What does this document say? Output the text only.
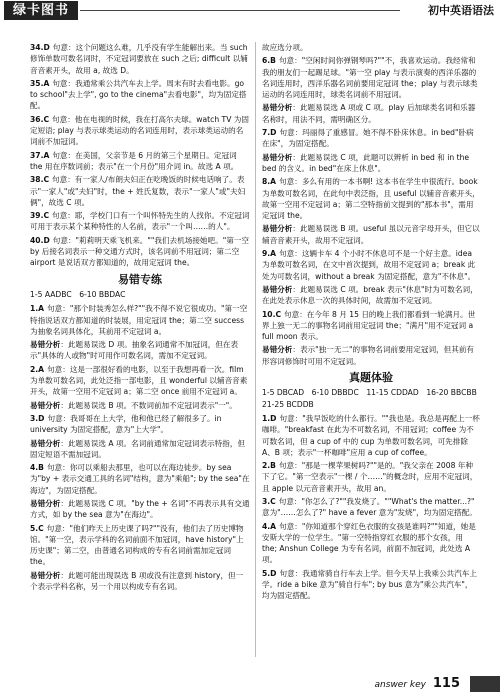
绿卡图书	初中英语语法
34.D 句意：这个问题这么难，几乎没有学生能解出来。当 such 修饰单数可数名词时，不定冠词要放在 such 之后; difficult 以辅音音素开头，故用 a, 故选 D。
35.A 句意：我通常乘公共汽车去上学。周末有时去看电影。go to school"去上学", go to the cinema"去看电影"，均为固定搭配。
36.C 句意：他在电视的时候，我在打高尔夫球。watch TV 为固定短语; play 与表示球类运动的名词连用时，表示球类运动的名词前不加冠词。
37.A 句意：在美国，父亲节是 6 月的第三个星期日。定冠词 the 用在序数词前；表示"在一个月份"用介词 in。故选 A 项。
38.C 句意：有一家人/布朗夫妇正在吃晚饭的时候电话响了。表示"一家人"或"夫妇"时，the + 姓氏复数，表示"一家人"或"夫妇俩"，故选 C 项。
39.C 句意：耶，学校门口有一个叫怀特先生的人找你。不定冠词可用于表示某个某种特性的人名前，表示"一个叫……的人"。
40.D 句意："莉莉明天乘飞机来。""我们去机场接她吧。"第一空 by 后接名词表示一种交通方式时，该名词前不用冠词；第二空 airport 是说话双方都知道的，故用定冠词 the。
易错专练
1-5 AADBC　6-10 BBDAC
1.A 句意："那个时装秀怎么样?""我不得不说它很成功。"第一空特指说话双方都知道的时装展，用定冠词 the；第二空 success 为抽象名词具体化，其前用不定冠词 a。
易错分析：此题易误选 D 项。抽象名词通常不加冠词，但在表示"具体的人或物"时可用作可数名词，需加不定冠词。
2.A 句意：这是一部很好看的电影，以至于我想再看一次。film 为单数可数名词，此处泛指一部电影，且 wonderful 以辅音音素开头，故第一空用不定冠词 a；第二空 once 前用不定冠词 a。
易错分析：此题易误选 B 项。不数词前加不定冠词表示"一"。
3.D 句意：我哥哥在上大学，他和他已经了解很多了。in university 为固定搭配，意为"上大学"。
易错分析：此题易误选 A 项。名词前通常加定冠词表示特指，但固定短语不需加冠词。
4.B 句意：你可以乘船去那里，也可以在海边徒步。by sea 为"by + 表示交通工具的名词"结构，意为"乘船"; by the sea"在海边"，为固定搭配。
易错分析：此题易误选 C 项。"by the + 名词"不再表示具有交通方式，如 by the sea 意为"在海边"。
5.C 句意："他们昨天上历史课了吗?""没有，他们去了历史博物馆。"第一空，表示学科的名词前面不加冠词，have history"上历史课"；第二空，由普通名词构成的专有名词前需加定冠词 the。
易错分析：此题可能出现误选 B 项或没有注意到 history，但一个表示学科名称，另一个用以构成专有名词。
故应选分项。
6.B 句意："空闲时间你弹钢琴吗?""不，我喜欢运动。我经常和我的朋友们一起踢足球。"第一空 play 与表示演奏的西洋乐器的名词连用时，西洋乐器名词前要用定冠词 the；play 与表示球类运动的名词连用时，球类名词前不用冠词。
易错分析：此题易误选 A 项或 C 项。play 后加球类名词和乐器名称时，用法不同，需明确区分。
7.D 句意：玛丽得了重感冒。她不得不卧床休息。in bed"卧病在床"，为固定搭配。
易错分析：此题易误选 C 项，此题可以辨析 in bed 和 in the bed 的含义。in bed"在床上休息"。
8.A 句意：多么有用的一本书啊! 这本书在学生中很流行。book 为单数可数名词，在此句中表泛指，且 useful 以辅音音素开头，故第一空用不定冠词 a；第二空特指前文提到的"那本书"，需用定冠词 the。
易错分析：此题易误选 B 项。useful 虽以元音字母开头，但它以辅音音素开头，故用不定冠词。
9.A 句意：这辆卡车 4 个小时不休息可不是一个好主意。idea 为单数可数名词，在文中首次提到，故用不定冠词 a；break 此处为可数名词，without a break 为固定搭配，意为"不休息"。
易错分析：此题易误选 C 项。break 表示"休息"时为可数名词，在此处表示休息一次的具体时间，故需加不定冠词。
10.C 句意：在今年 8 月 15 日的晚上我们都看到一轮满月。世界上独一无二的事物名词前用定冠词 the；"满月"用不定冠词 a full moon 表示。
易错分析：表示"独一无二"的事物名词前要用定冠词，但其前有形容词修饰时可用不定冠词。
真题体验
1-5 DBCAD　6-10 DBBDC　11-15 CDDAD　16-20 BBCBB　21-25 BCDDB
1.D 句意："我早饭吃的什么都行。""我也是。我总是再配上一杯咖啡。"breakfast 在此为不可数名词，不用冠词；coffee 为不可数名词，但 a cup of 中的 cup 为单数可数名词，可先排除 A、B 项；表示"一杯咖啡"应用 a cup of coffee。
2.B 句意："那是一棵苹果树吗?""是的。"我父亲在 2008 年种下了它。"第一空表示"一棵 / 个……"的概念时，应用不定冠词，且 apple 以元音音素开头，故用 an。
3.C 句意："你怎么了?""我发烧了。""What's the matter...?" 意为"……怎么了?" have a fever 意为"发烧"，均为固定搭配。
4.A 句意："你知道那个穿红色衣服的女孩是谁吗?""知道，她是安斯大学的一位学生。"第一空特指穿红衣服的那个女孩，用 the; Anshun College 为专有名词，前面不加冠词，此处选 A 项。
5.D 句意：我通常骑自行车去上学。但今天早上我乘公共汽车上学。ride a bike 意为"骑自行车"; by bus 意为"乘公共汽车"，均为固定搭配。
answer key 115
